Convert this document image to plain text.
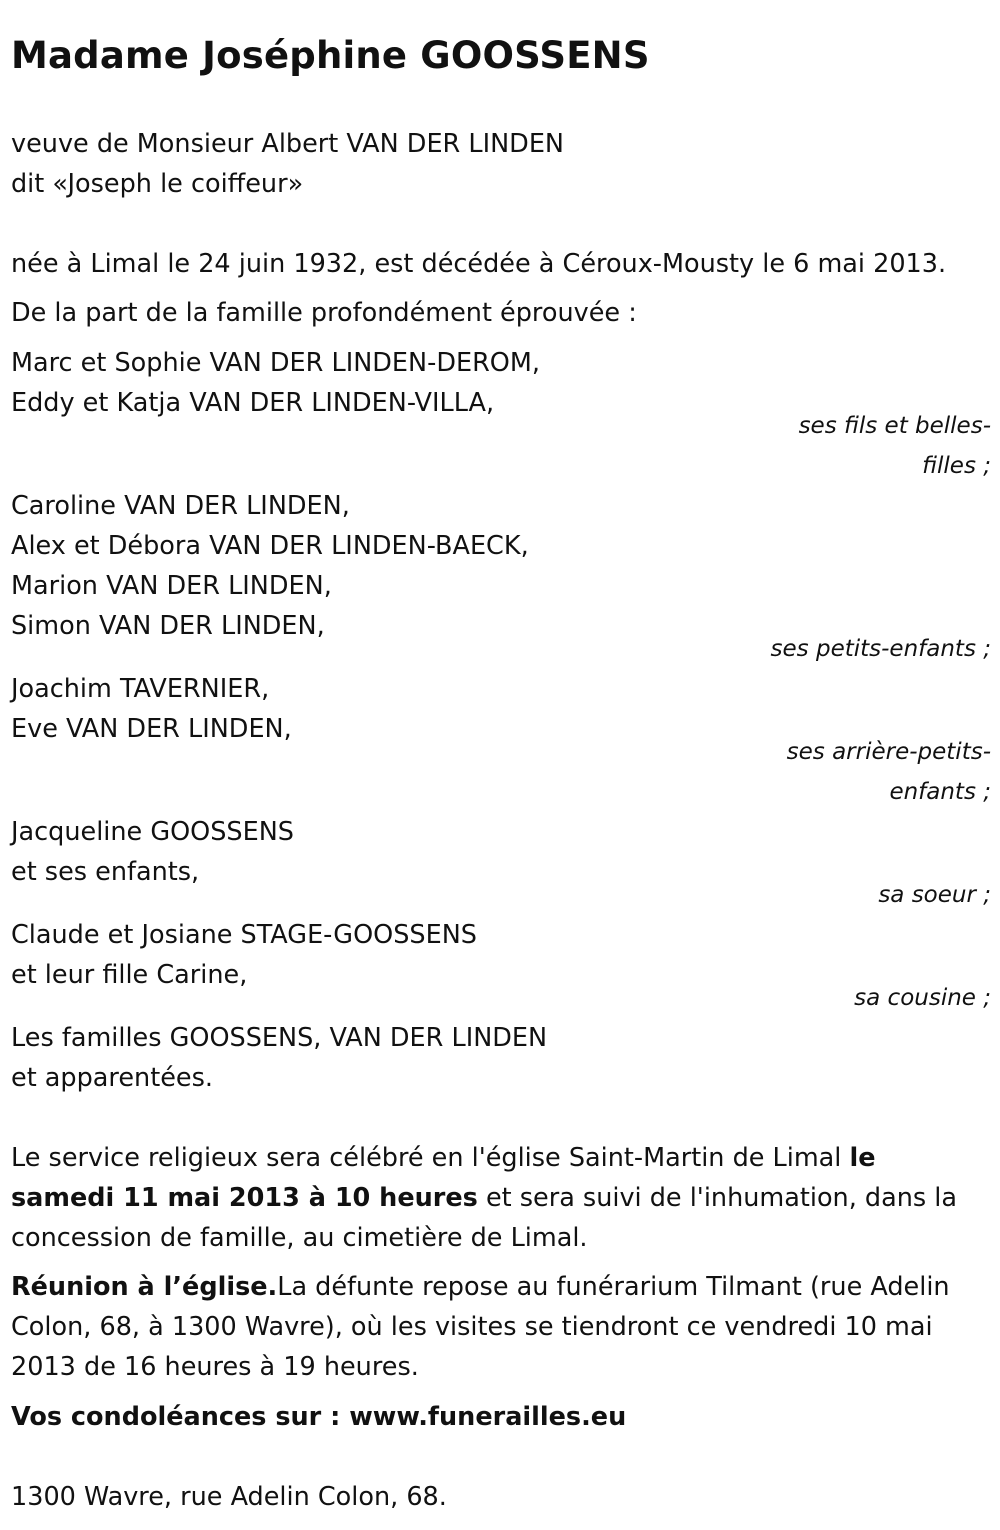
Madame Joséphine GOOSSENS
veuve de Monsieur Albert VAN DER LINDEN
dit «Joseph le coiffeur»
née à Limal le 24 juin 1932, est décédée à Céroux-Mousty le 6 mai 2013.
De la part de la famille profondément éprouvée :
Marc et Sophie VAN DER LINDEN-DEROM,
Eddy et Katja VAN DER LINDEN-VILLA,
ses fils et belles-
filles ;
Caroline VAN DER LINDEN,
Alex et Débora VAN DER LINDEN-BAECK,
Marion VAN DER LINDEN,
Simon VAN DER LINDEN,
ses petits-enfants ;
Joachim TAVERNIER,
Eve VAN DER LINDEN,
ses arrière-petits-
enfants ;
Jacqueline GOOSSENS
et ses enfants,
sa soeur ;
Claude et Josiane STAGE-GOOSSENS
et leur fille Carine,
sa cousine ;
Les familles GOOSSENS, VAN DER LINDEN
et apparentées.
Le service religieux sera célébré en l'église Saint-Martin de Limal le
samedi 11 mai 2013 à 10 heures et sera suivi de l'inhumation, dans la
concession de famille, au cimetière de Limal.
Réunion à l’église.La défunte repose au funérarium Tilmant (rue Adelin
Colon, 68, à 1300 Wavre), où les visites se tiendront ce vendredi 10 mai
2013 de 16 heures à 19 heures.
Vos condoléances sur : www.funerailles.eu
1300 Wavre, rue Adelin Colon, 68.
